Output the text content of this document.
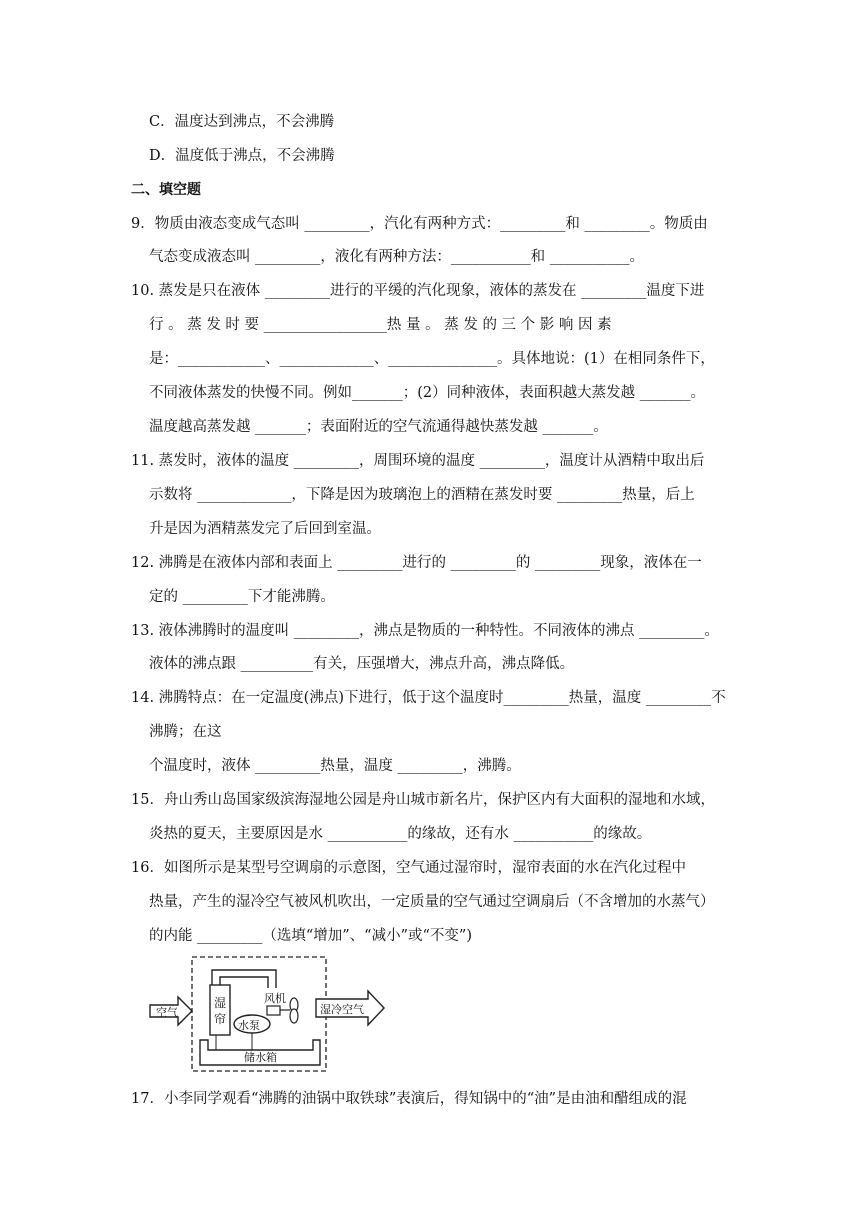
C．温度达到沸点，不会沸腾
D．温度低于沸点，不会沸腾
二、填空题
9．物质由液态变成气态叫 _________，汽化有两种方式：_________和 _________。物质由
气态变成液态叫 _________，液化有两种方法：___________和 ___________。
10. 蒸发是只在液体 _________进行的平缓的汽化现象，液体的蒸发在 _________温度下进
行 。 蒸 发 时 要 _________________热 量 。 蒸 发 的 三 个 影 响 因 素
是：____________、_____________、_______________。具体地说：(1）在相同条件下，
不同液体蒸发的快慢不同。例如_______；(2）同种液体，表面积越大蒸发越 _______。
温度越高蒸发越 _______；表面附近的空气流通得越快蒸发越 _______。
11. 蒸发时，液体的温度 _________，周围环境的温度 _________，温度计从酒精中取出后
示数将 _____________，下降是因为玻璃泡上的酒精在蒸发时要 _________热量，后上
升是因为酒精蒸发完了后回到室温。
12. 沸腾是在液体内部和表面上 _________进行的 _________的 _________现象，液体在一
定的 _________下才能沸腾。
13. 液体沸腾时的温度叫 _________，沸点是物质的一种特性。不同液体的沸点 _________。
液体的沸点跟 __________有关，压强增大，沸点升高，沸点降低。
14. 沸腾特点：在一定温度(沸点)下进行，低于这个温度时_________热量，温度 _________不
沸腾；在这
个温度时，液体 _________热量，温度 _________，沸腾。
15．舟山秀山岛国家级滨海湿地公园是舟山城市新名片，保护区内有大面积的湿地和水域，
炎热的夏天，主要原因是水 ___________的缘故，还有水 ___________的缘故。
16．如图所示是某型号空调扇的示意图，空气通过湿帘时，湿帘表面的水在汽化过程中
热量，产生的湿冷空气被风机吹出，一定质量的空气通过空调扇后（不含增加的水蒸气）
的内能 _________（选填“增加”、“减小”或“不变”)
空气
湿
帘
风机
水泵
储水箱
湿冷空气
17．小李同学观看“沸腾的油锅中取铁球”表演后，得知锅中的“油”是由油和醋组成的混
